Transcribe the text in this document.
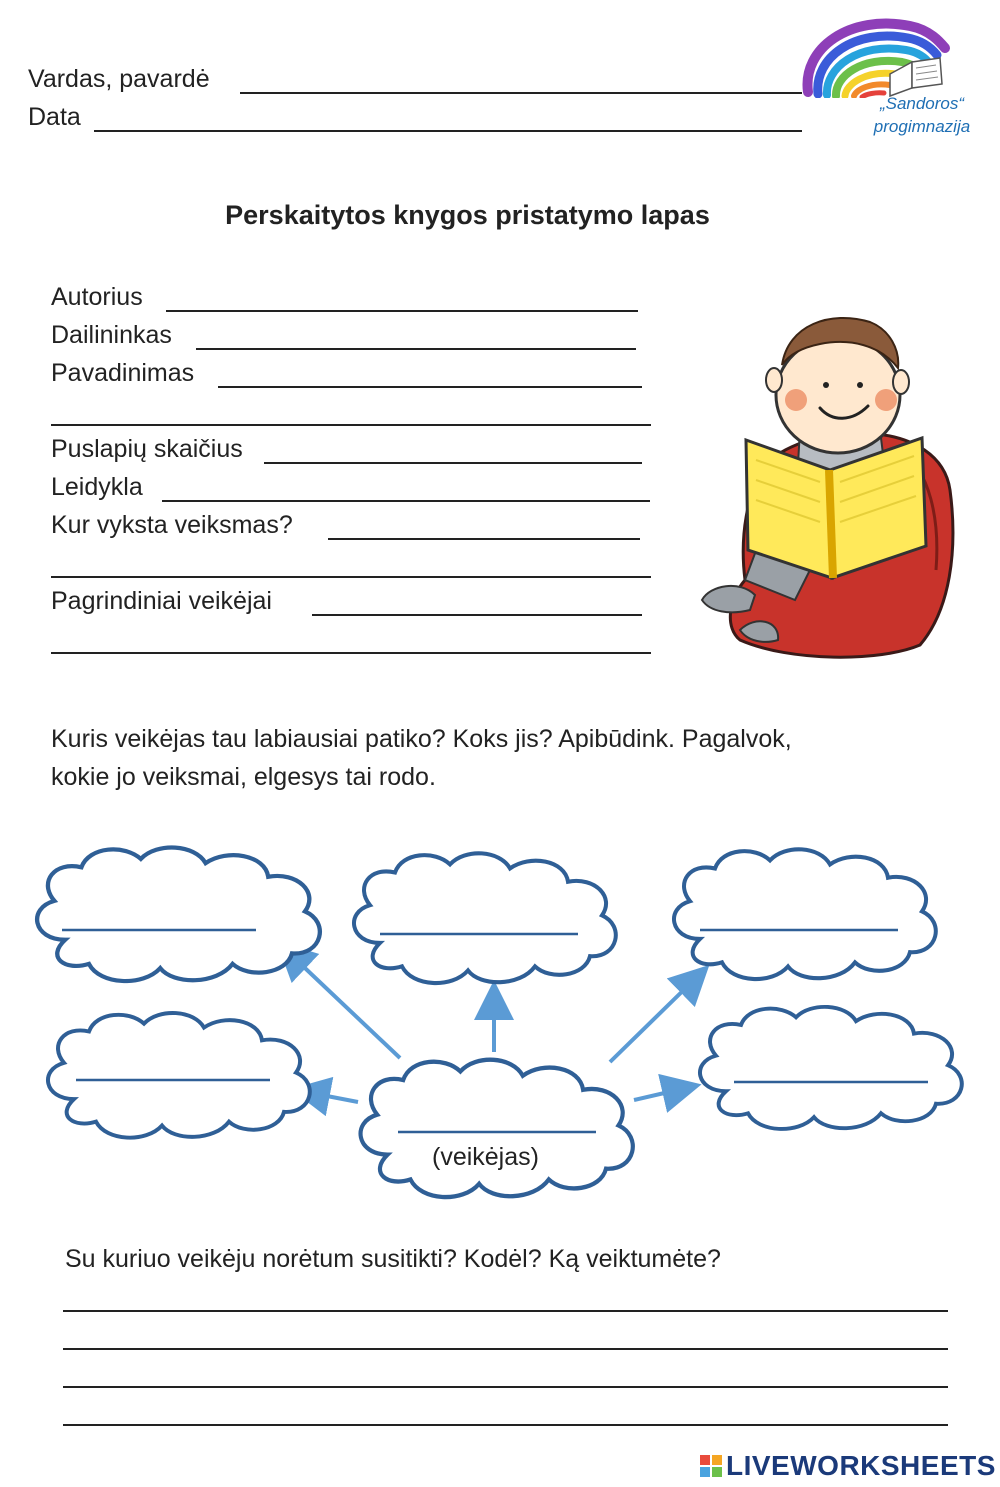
Vardas, pavardė
Data	„Sandoros“
progimnazija
Perskaitytos knygos pristatymo lapas
Autorius
Dailininkas
Pavadinimas
Puslapių skaičius
Leidykla
Kur vyksta veiksmas?
Pagrindiniai veikėjai
Kuris veikėjas tau labiausiai patiko? Koks jis? Apibūdink. Pagalvok,
kokie jo veiksmai, elgesys tai rodo.
(veikėjas)
Su kuriuo veikėju norėtum susitikti? Kodėl? Ką veiktumėte?
LIVEWORKSHEETS
